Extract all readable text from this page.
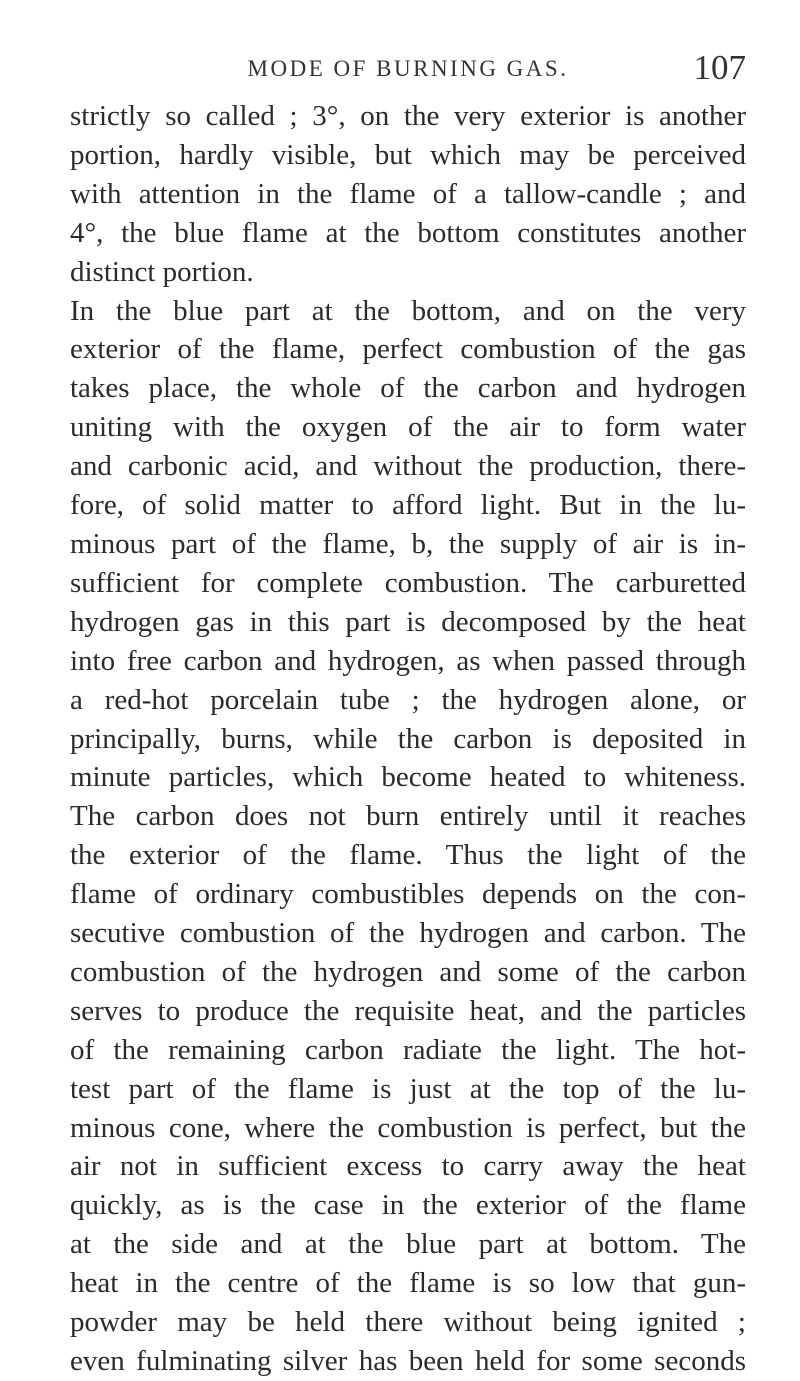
MODE OF BURNING GAS.	107
strictly so called ; 3°, on the very exterior is another
portion, hardly visible, but which may be perceived
with attention in the flame of a tallow-candle ; and
4°, the blue flame at the bottom constitutes another
distinct portion.
In the blue part at the bottom, and on the very
exterior of the flame, perfect combustion of the gas
takes place, the whole of the carbon and hydrogen
uniting with the oxygen of the air to form water
and carbonic acid, and without the production, there-
fore, of solid matter to afford light. But in the lu-
minous part of the flame, b, the supply of air is in-
sufficient for complete combustion. The carburetted
hydrogen gas in this part is decomposed by the heat
into free carbon and hydrogen, as when passed through
a red-hot porcelain tube ; the hydrogen alone, or
principally, burns, while the carbon is deposited in
minute particles, which become heated to whiteness.
The carbon does not burn entirely until it reaches
the exterior of the flame. Thus the light of the
flame of ordinary combustibles depends on the con-
secutive combustion of the hydrogen and carbon. The
combustion of the hydrogen and some of the carbon
serves to produce the requisite heat, and the particles
of the remaining carbon radiate the light. The hot-
test part of the flame is just at the top of the lu-
minous cone, where the combustion is perfect, but the
air not in sufficient excess to carry away the heat
quickly, as is the case in the exterior of the flame
at the side and at the blue part at bottom. The
heat in the centre of the flame is so low that gun-
powder may be held there without being ignited ;
even fulminating silver has been held for some seconds
